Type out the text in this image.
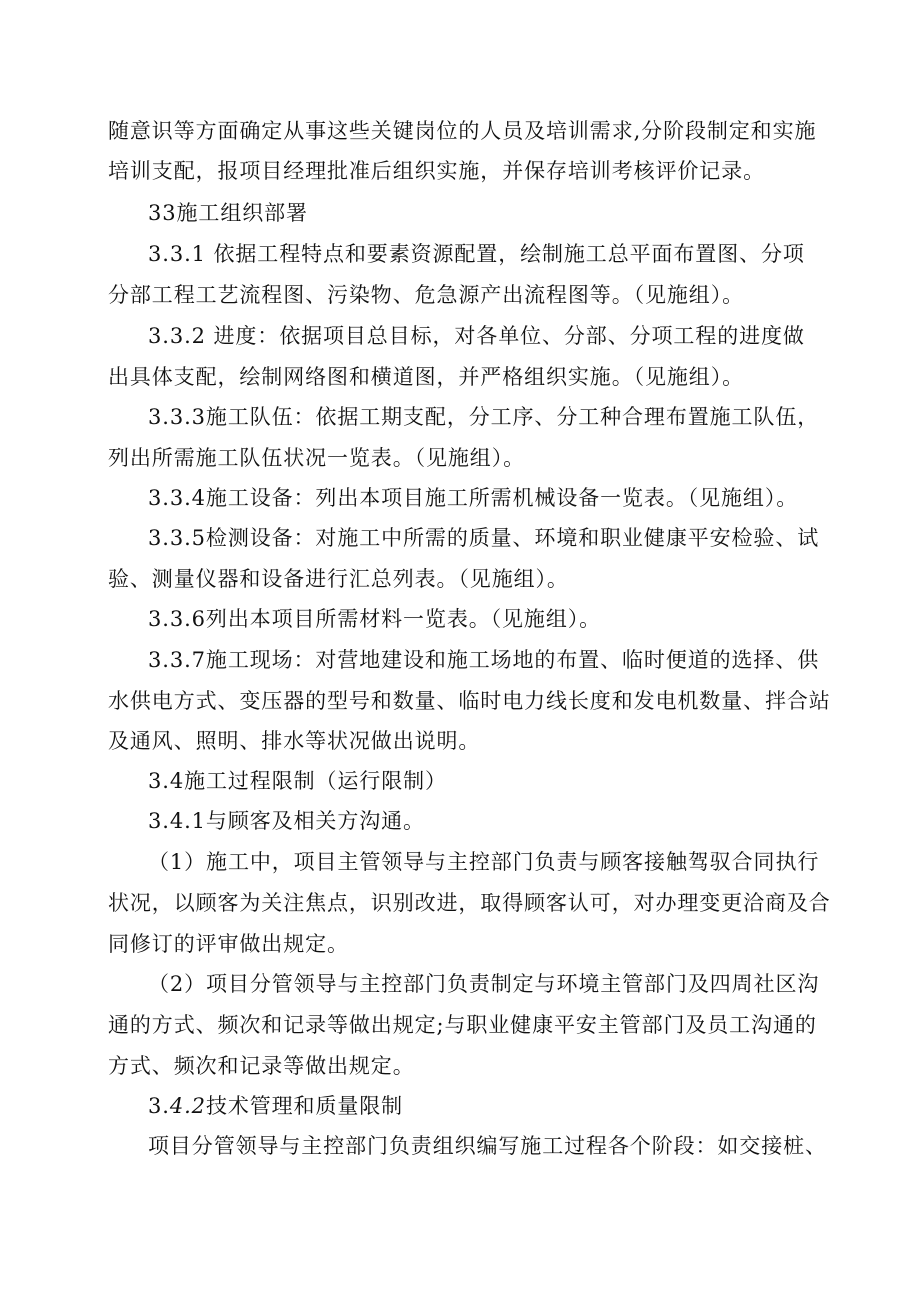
随意识等方面确定从事这些关键岗位的人员及培训需求,分阶段制定和实施
培训支配，报项目经理批准后组织实施，并保存培训考核评价记录。
33施工组织部署
3.3.1 依据工程特点和要素资源配置，绘制施工总平面布置图、分项
分部工程工艺流程图、污染物、危急源产出流程图等。（见施组）。
3.3.2 进度：依据项目总目标，对各单位、分部、分项工程的进度做
出具体支配，绘制网络图和横道图，并严格组织实施。（见施组）。
3.3.3施工队伍：依据工期支配，分工序、分工种合理布置施工队伍，
列出所需施工队伍状况一览表。（见施组）。
3.3.4施工设备：列出本项目施工所需机械设备一览表。（见施组）。
3.3.5检测设备：对施工中所需的质量、环境和职业健康平安检验、试
验、测量仪器和设备进行汇总列表。（见施组）。
3.3.6列出本项目所需材料一览表。（见施组）。
3.3.7施工现场：对营地建设和施工场地的布置、临时便道的选择、供
水供电方式、变压器的型号和数量、临时电力线长度和发电机数量、拌合站
及通风、照明、排水等状况做出说明。
3.4施工过程限制（运行限制）
3.4.1与顾客及相关方沟通。
（1）施工中，项目主管领导与主控部门负责与顾客接触驾驭合同执行
状况，以顾客为关注焦点，识别改进，取得顾客认可，对办理变更洽商及合
同修订的评审做出规定。
（2）项目分管领导与主控部门负责制定与环境主管部门及四周社区沟
通的方式、频次和记录等做出规定;与职业健康平安主管部门及员工沟通的
方式、频次和记录等做出规定。
3.4.2技术管理和质量限制
项目分管领导与主控部门负责组织编写施工过程各个阶段：如交接桩、
